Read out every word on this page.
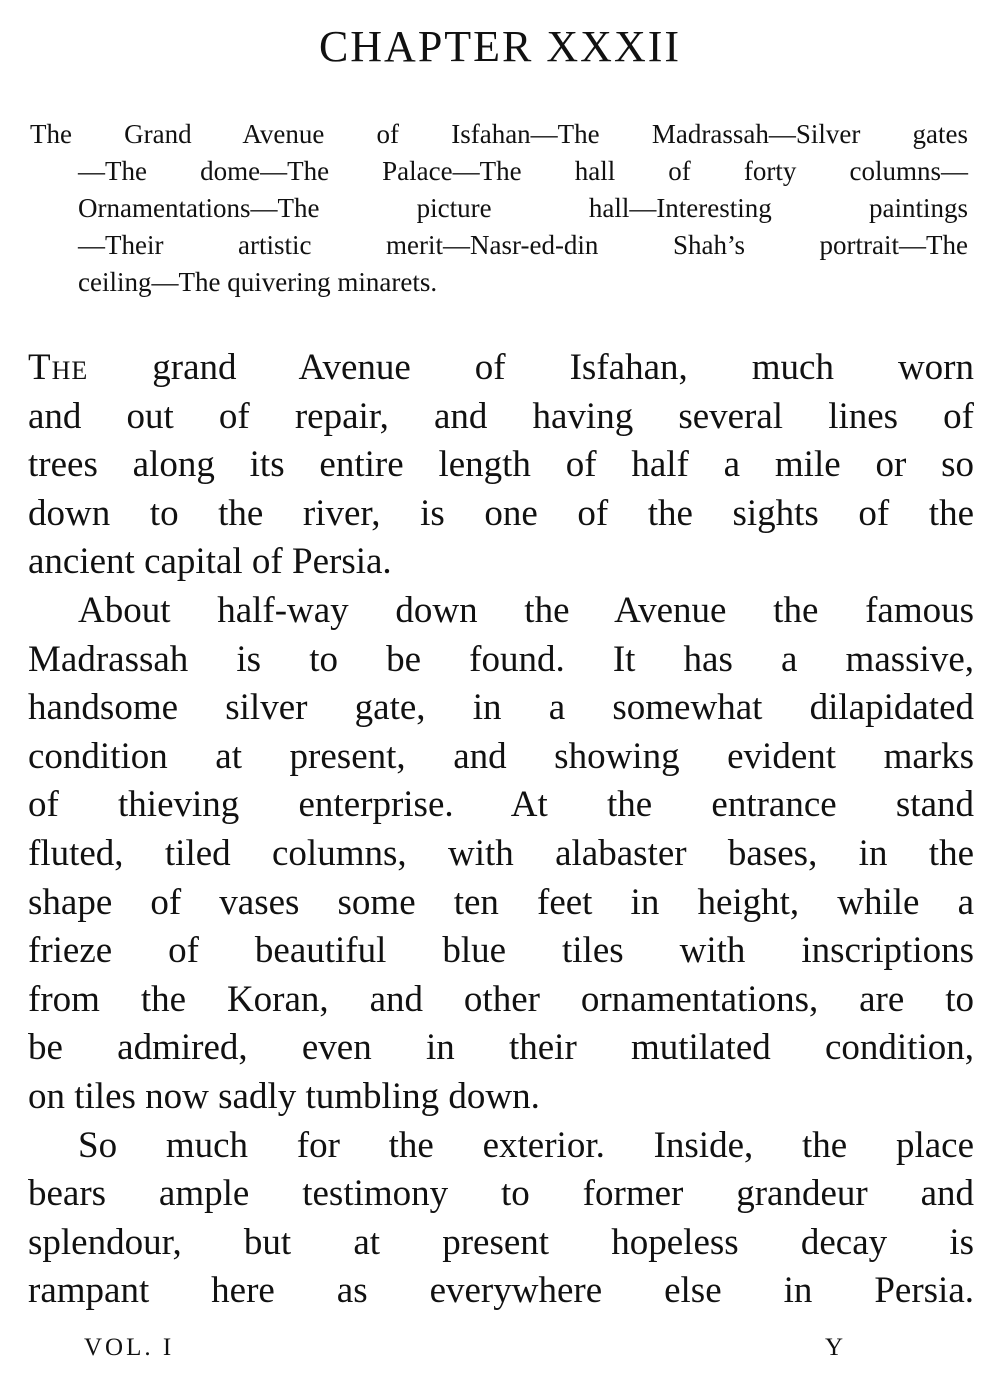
CHAPTER XXXII
The Grand Avenue of Isfahan—The Madrassah—Silver gates
—The dome—The Palace—The hall of forty columns—
Ornamentations—The picture hall—Interesting paintings
—Their artistic merit—Nasr-ed-din Shah’s portrait—The
ceiling—The quivering minarets.
The grand Avenue of Isfahan, much worn
and out of repair, and having several lines of
trees along its entire length of half a mile or so
down to the river, is one of the sights of the
ancient capital of Persia.
About half-way down the Avenue the famous
Madrassah is to be found. It has a massive,
handsome silver gate, in a somewhat dilapidated
condition at present, and showing evident marks
of thieving enterprise. At the entrance stand
fluted, tiled columns, with alabaster bases, in the
shape of vases some ten feet in height, while a
frieze of beautiful blue tiles with inscriptions
from the Koran, and other ornamentations, are to
be admired, even in their mutilated condition,
on tiles now sadly tumbling down.
So much for the exterior. Inside, the place
bears ample testimony to former grandeur and
splendour, but at present hopeless decay is
rampant here as everywhere else in Persia.
VOL. I	Y
